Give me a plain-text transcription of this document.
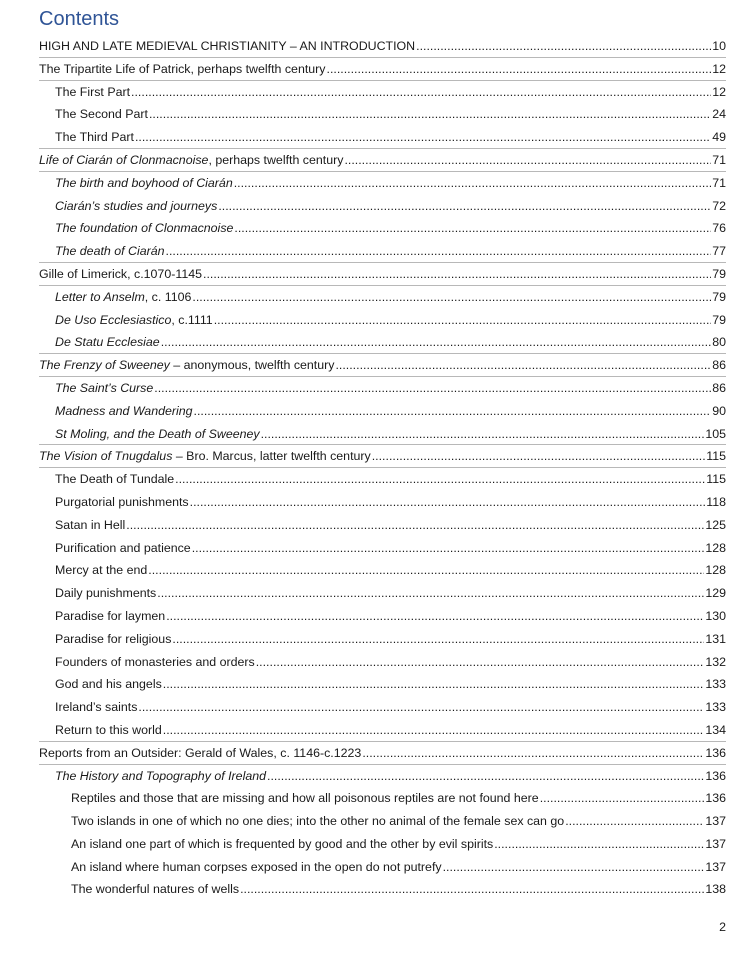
Contents
HIGH AND LATE MEDIEVAL CHRISTIANITY – AN INTRODUCTION .....	10
The Tripartite Life of Patrick, perhaps twelfth century .....	12
The First Part .....	12
The Second Part .....	24
The Third Part .....	49
Life of Ciarán of Clonmacnoise, perhaps twelfth century .....	71
The birth and boyhood of Ciarán .....	71
Ciarán’s studies and journeys .....	72
The foundation of Clonmacnoise .....	76
The death of Ciarán .....	77
Gille of Limerick, c.1070-1145 .....	79
Letter to Anselm, c. 1106 .....	79
De Uso Ecclesiastico, c.1111 .....	79
De Statu Ecclesiae .....	80
The Frenzy of Sweeney – anonymous, twelfth century .....	86
The Saint’s Curse .....	86
Madness and Wandering .....	90
St Moling, and the Death of Sweeney .....	105
The Vision of Tnugdalus – Bro. Marcus, latter twelfth century .....	115
The Death of Tundale .....	115
Purgatorial punishments .....	118
Satan in Hell .....	125
Purification and patience .....	128
Mercy at the end .....	128
Daily punishments .....	129
Paradise for laymen .....	130
Paradise for religious .....	131
Founders of monasteries and orders .....	132
God and his angels .....	133
Ireland’s saints .....	133
Return to this world .....	134
Reports from an Outsider: Gerald of Wales, c. 1146-c.1223 .....	136
The History and Topography of Ireland .....	136
Reptiles and those that are missing and how all poisonous reptiles are not found here .....	136
Two islands in one of which no one dies; into the other no animal of the female sex can go .....	137
An island one part of which is frequented by good and the other by evil spirits .....	137
An island where human corpses exposed in the open do not putrefy .....	137
The wonderful natures of wells .....	138
2
